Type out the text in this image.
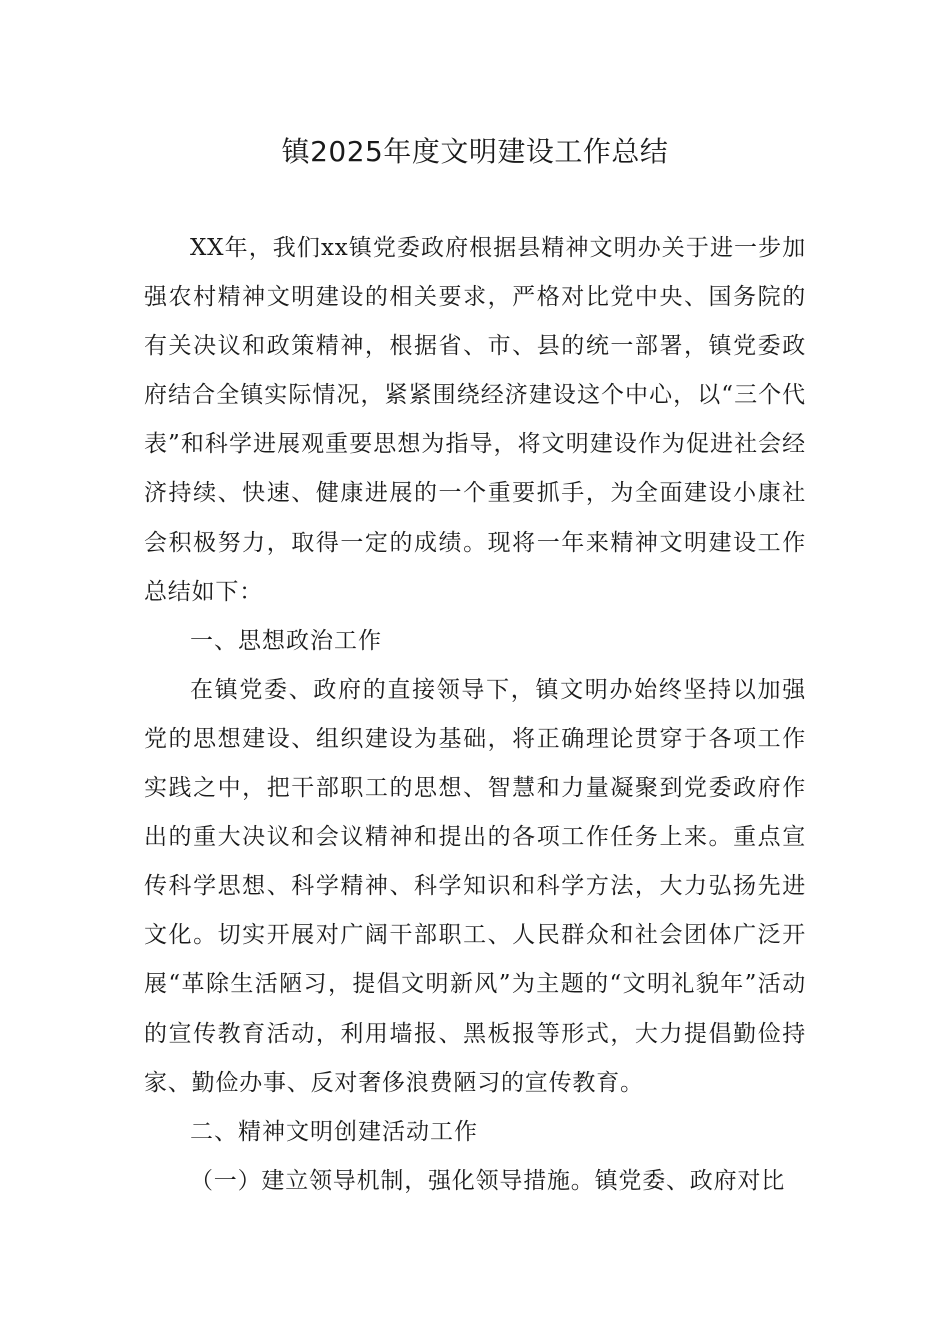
镇2025年度文明建设工作总结

XX年，我们xx镇党委政府根据县精神文明办关于进一步加强农村精神文明建设的相关要求，严格对比党中央、国务院的有关决议和政策精神，根据省、市、县的统一部署，镇党委政府结合全镇实际情况，紧紧围绕经济建设这个中心，以“三个代表”和科学进展观重要思想为指导，将文明建设作为促进社会经济持续、快速、健康进展的一个重要抓手，为全面建设小康社会积极努力，取得一定的成绩。现将一年来精神文明建设工作总结如下：

一、思想政治工作

在镇党委、政府的直接领导下，镇文明办始终坚持以加强党的思想建设、组织建设为基础，将正确理论贯穿于各项工作实践之中，把干部职工的思想、智慧和力量凝聚到党委政府作出的重大决议和会议精神和提出的各项工作任务上来。重点宣传科学思想、科学精神、科学知识和科学方法，大力弘扬先进文化。切实开展对广阔干部职工、人民群众和社会团体广泛开展“革除生活陋习，提倡文明新风”为主题的“文明礼貌年”活动的宣传教育活动，利用墙报、黑板报等形式，大力提倡勤俭持家、勤俭办事、反对奢侈浪费陋习的宣传教育。

二、精神文明创建活动工作

（一）建立领导机制，强化领导措施。镇党委、政府对比
